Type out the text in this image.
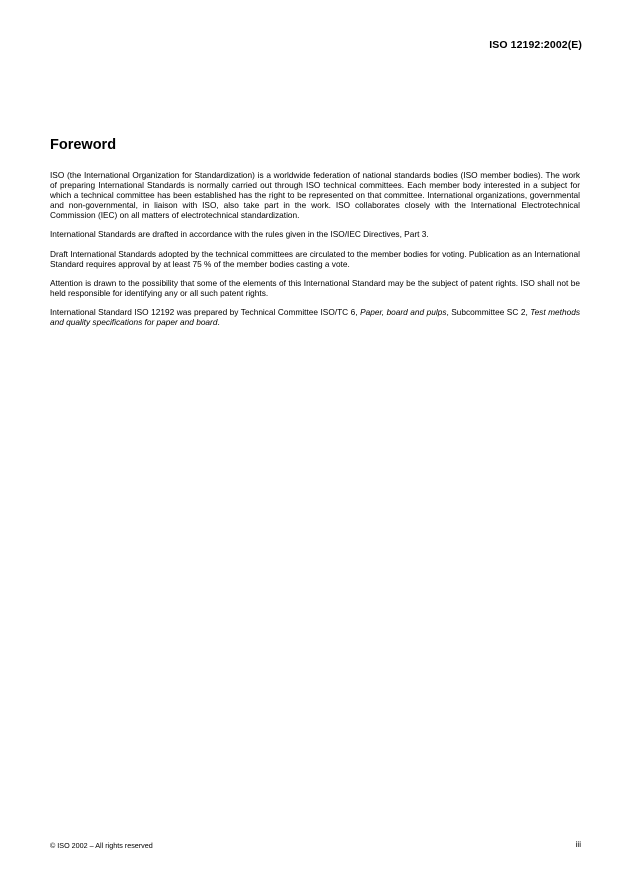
ISO 12192:2002(E)
Foreword

ISO (the International Organization for Standardization) is a worldwide federation of national standards bodies (ISO member bodies). The work of preparing International Standards is normally carried out through ISO technical committees. Each member body interested in a subject for which a technical committee has been established has the right to be represented on that committee. International organizations, governmental and non-governmental, in liaison with ISO, also take part in the work. ISO collaborates closely with the International Electrotechnical Commission (IEC) on all matters of electrotechnical standardization.

International Standards are drafted in accordance with the rules given in the ISO/IEC Directives, Part 3.

Draft International Standards adopted by the technical committees are circulated to the member bodies for voting. Publication as an International Standard requires approval by at least 75 % of the member bodies casting a vote.

Attention is drawn to the possibility that some of the elements of this International Standard may be the subject of patent rights. ISO shall not be held responsible for identifying any or all such patent rights.

International Standard ISO 12192 was prepared by Technical Committee ISO/TC 6, Paper, board and pulps, Subcommittee SC 2, Test methods and quality specifications for paper and board.

© ISO 2002 – All rights reserved	iii
